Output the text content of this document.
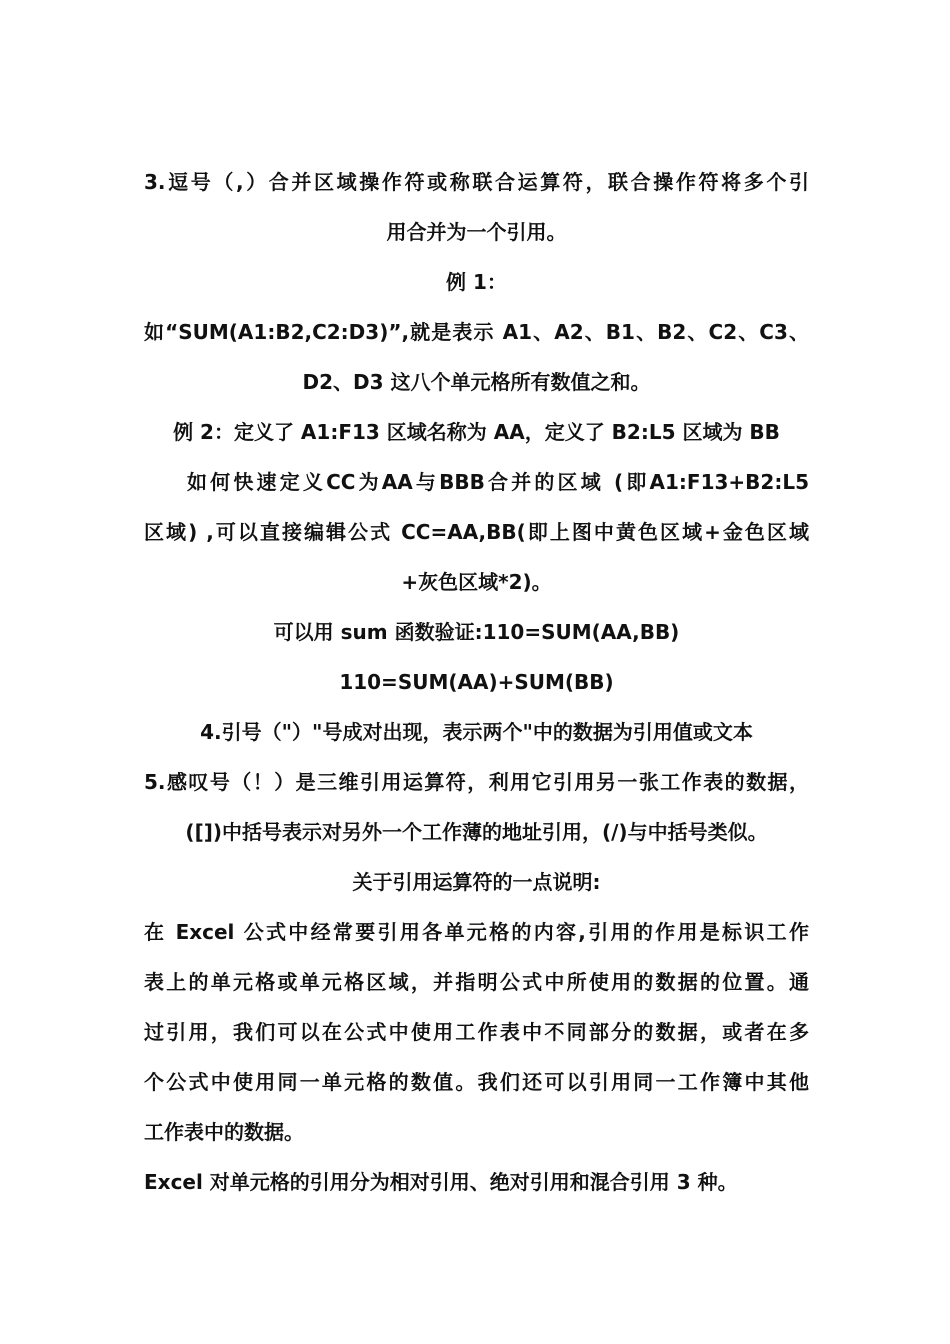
3.逗号（,）合并区域操作符或称联合运算符，联合操作符将多个引
用合并为一个引用。
例 1：
如“SUM(A1:B2,C2:D3)”,就是表示 A1、A2、B1、B2、C2、C3、
D2、D3 这八个单元格所有数值之和。
例 2：定义了 A1:F13 区域名称为 AA，定义了 B2:L5 区域为 BB
如何快速定义CC为AA与BBB合并的区域 (即A1:F13+B2:L5
区域) ,可以直接编辑公式 CC=AA,BB(即上图中黄色区域+金色区域
+灰色区域*2)。
可以用 sum 函数验证:110=SUM(AA,BB)
110=SUM(AA)+SUM(BB)
4.引号（"）"号成对出现，表示两个"中的数据为引用值或文本
5.感叹号（！）是三维引用运算符，利用它引用另一张工作表的数据，
([])中括号表示对另外一个工作薄的地址引用，(/)与中括号类似。
关于引用运算符的一点说明:
在 Excel 公式中经常要引用各单元格的内容,引用的作用是标识工作
表上的单元格或单元格区域，并指明公式中所使用的数据的位置。通
过引用，我们可以在公式中使用工作表中不同部分的数据，或者在多
个公式中使用同一单元格的数值。我们还可以引用同一工作簿中其他
工作表中的数据。
Excel 对单元格的引用分为相对引用、绝对引用和混合引用 3 种。
